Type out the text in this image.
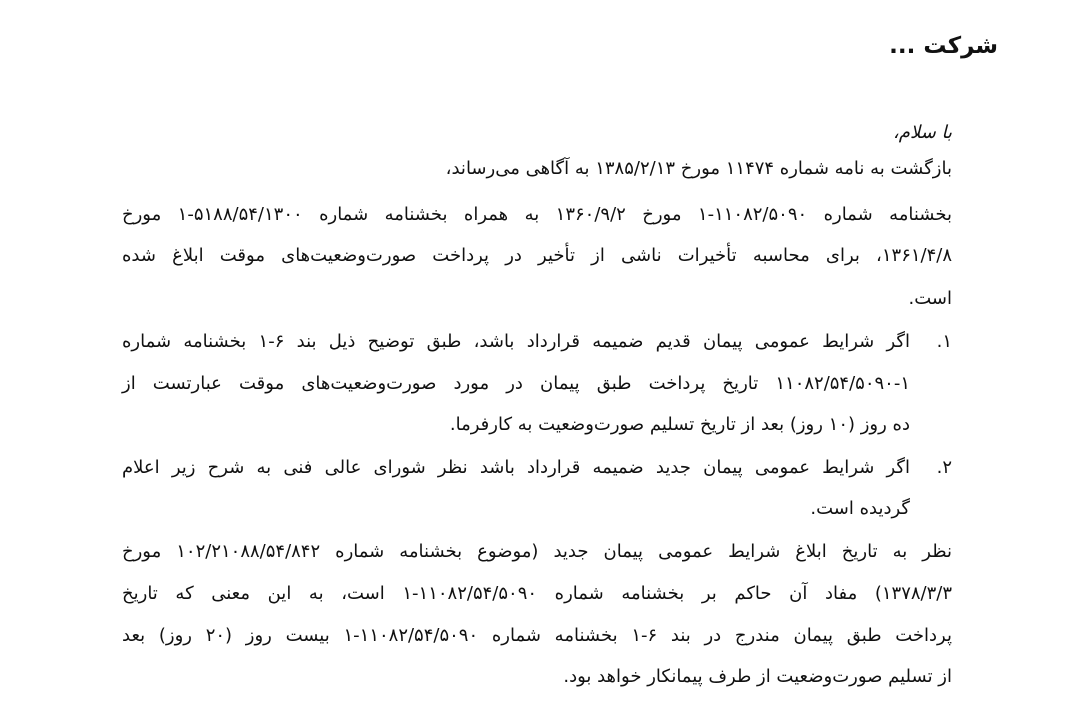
شرکت ...
با سلام،
بازگشت به نامه شماره ۱۱۴۷۴ مورخ ۱۳۸۵/۲/۱۳ به آگاهی می‌رساند،
بخشنامه شماره ۱۱۰۸۲/۵۰۹۰-۱ مورخ ۱۳۶۰/۹/۲ به همراه بخشنامه شماره ۵۱۸۸/۵۴/۱۳۰۰-۱ مورخ
۱۳۶۱/۴/۸، برای محاسبه تأخیرات ناشی از تأخیر در پرداخت صورت‌وضعیت‌های موقت ابلاغ شده
است.
۱.
اگر شرایط عمومی پیمان قدیم ضمیمه قرارداد باشد، طبق توضیح ذیل بند ۶-۱ بخشنامه شماره
۱۱۰۸۲/۵۴/۵۰۹۰-۱ تاریخ پرداخت طبق پیمان در مورد صورت‌وضعیت‌های موقت عبارتست از
ده روز (۱۰ روز) بعد از تاریخ تسلیم صورت‌وضعیت به کارفرما.
۲.
اگر شرایط عمومی پیمان جدید ضمیمه قرارداد باشد نظر شورای عالی فنی به شرح زیر اعلام
گردیده است.
نظر به تاریخ ابلاغ شرایط عمومی پیمان جدید (موضوع بخشنامه شماره ۱۰۲/۲۱۰۸۸/۵۴/۸۴۲ مورخ
۱۳۷۸/۳/۳) مفاد آن حاکم بر بخشنامه شماره ۱۱۰۸۲/۵۴/۵۰۹۰-۱ است، به این معنی که تاریخ
پرداخت طبق پیمان مندرج در بند ۶-۱ بخشنامه شماره ۱۱۰۸۲/۵۴/۵۰۹۰-۱ بیست روز (۲۰ روز) بعد
از تسلیم صورت‌وضعیت از طرف پیمانکار خواهد بود.
